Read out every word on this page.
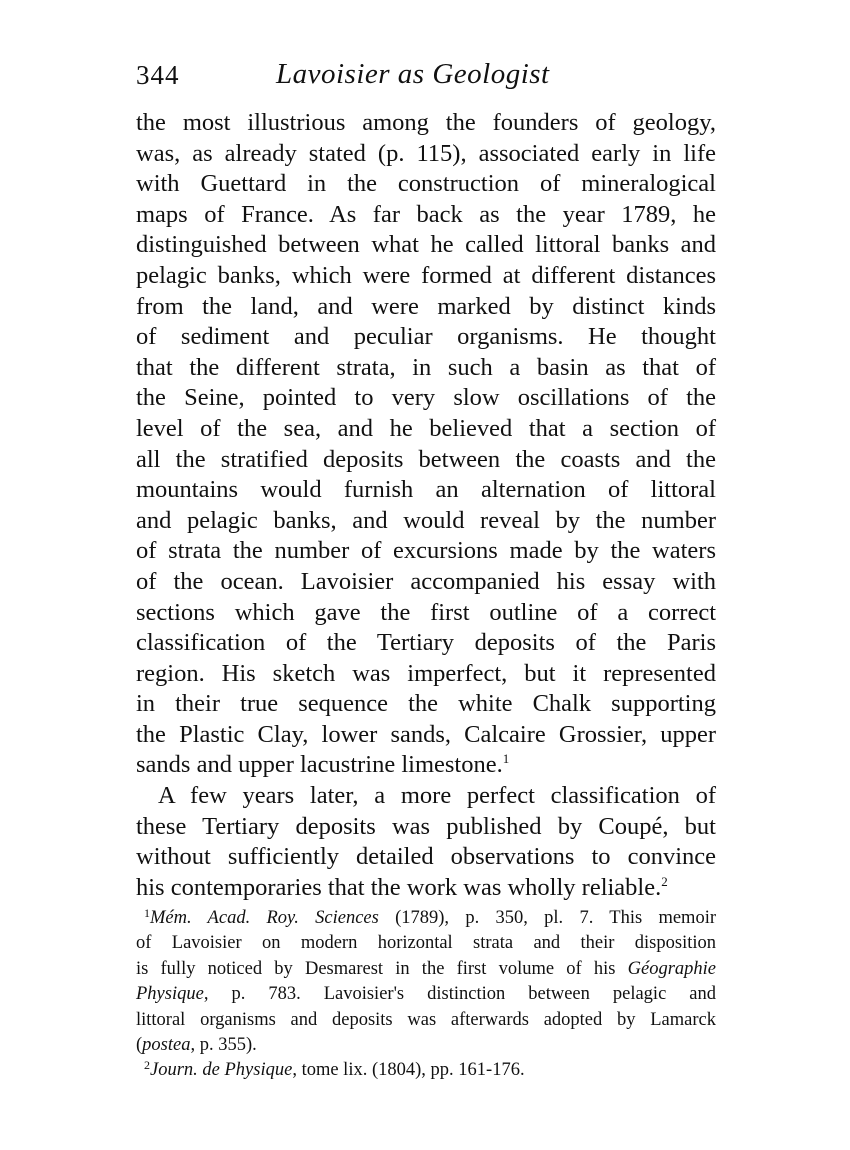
344	Lavoisier as Geologist
the most illustrious among the founders of geology,
was, as already stated (p. 115), associated early in life
with Guettard in the construction of mineralogical
maps of France. As far back as the year 1789, he
distinguished between what he called littoral banks and
pelagic banks, which were formed at different distances
from the land, and were marked by distinct kinds
of sediment and peculiar organisms. He thought
that the different strata, in such a basin as that of
the Seine, pointed to very slow oscillations of the
level of the sea, and he believed that a section of
all the stratified deposits between the coasts and the
mountains would furnish an alternation of littoral
and pelagic banks, and would reveal by the number
of strata the number of excursions made by the waters
of the ocean. Lavoisier accompanied his essay with
sections which gave the first outline of a correct
classification of the Tertiary deposits of the Paris
region. His sketch was imperfect, but it represented
in their true sequence the white Chalk supporting
the Plastic Clay, lower sands, Calcaire Grossier, upper
sands and upper lacustrine limestone.$^1$
A few years later, a more perfect classification of
these Tertiary deposits was published by Coupé, but
without sufficiently detailed observations to convince
his contemporaries that the work was wholly reliable.$^2$
$^1$Mém. Acad. Roy. Sciences (1789), p. 350, pl. 7. This memoir
of Lavoisier on modern horizontal strata and their disposition
is fully noticed by Desmarest in the first volume of his Géographie
Physique, p. 783. Lavoisier's distinction between pelagic and
littoral organisms and deposits was afterwards adopted by Lamarck
(postea, p. 355).
$^2$Journ. de Physique, tome lix. (1804), pp. 161-176.
